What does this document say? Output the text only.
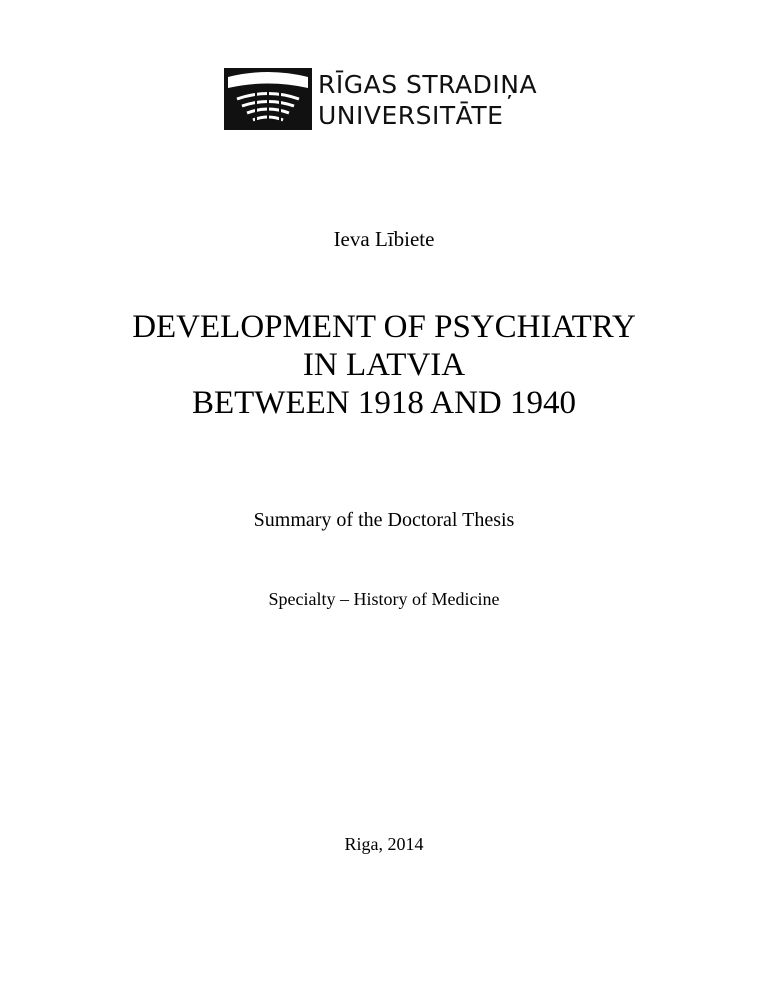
RĪGAS STRADIŅA
UNIVERSITĀTE
Ieva Lībiete
DEVELOPMENT OF PSYCHIATRY
IN LATVIA
BETWEEN 1918 AND 1940
Summary of the Doctoral Thesis
Specialty – History of Medicine
Riga, 2014
